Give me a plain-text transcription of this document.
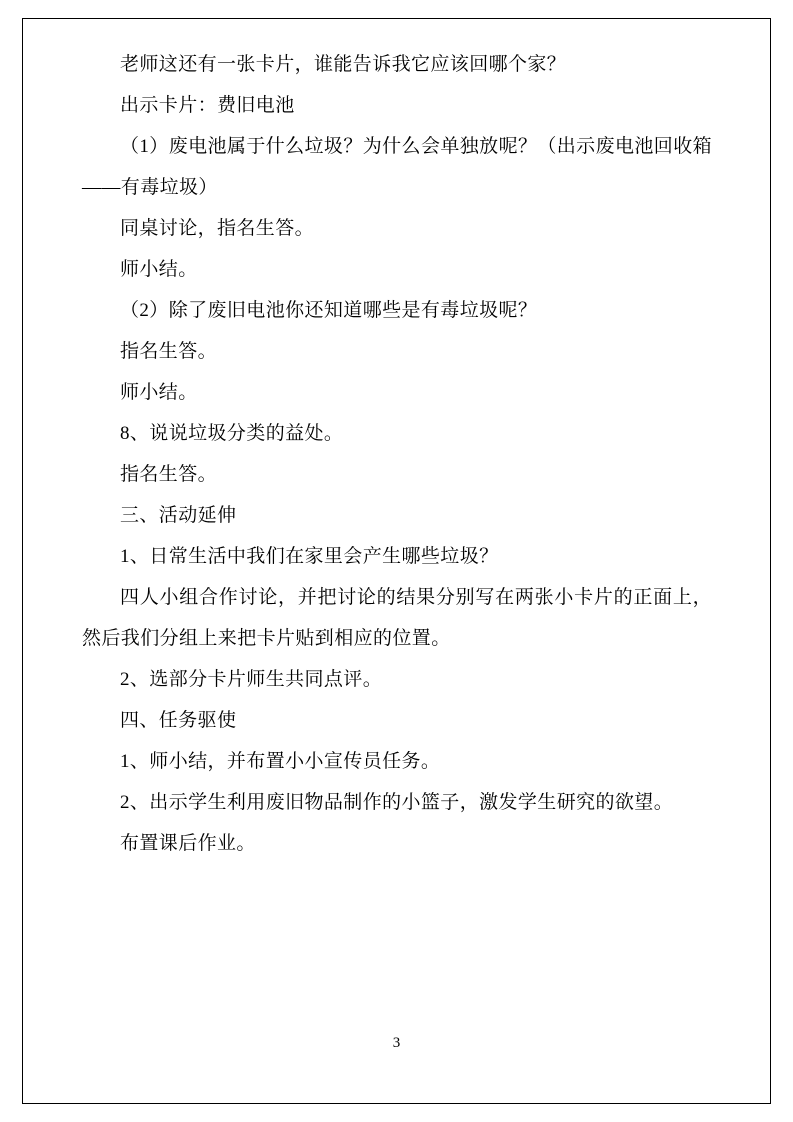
老师这还有一张卡片，谁能告诉我它应该回哪个家？

出示卡片：费旧电池

（1）废电池属于什么垃圾？为什么会单独放呢？（出示废电池回收箱——有毒垃圾）

同桌讨论，指名生答。

师小结。

（2）除了废旧电池你还知道哪些是有毒垃圾呢？

指名生答。

师小结。

8、说说垃圾分类的益处。

指名生答。

三、活动延伸

1、日常生活中我们在家里会产生哪些垃圾？

四人小组合作讨论，并把讨论的结果分别写在两张小卡片的正面上，然后我们分组上来把卡片贴到相应的位置。

2、选部分卡片师生共同点评。

四、任务驱使

1、师小结，并布置小小宣传员任务。

2、出示学生利用废旧物品制作的小篮子，激发学生研究的欲望。

布置课后作业。

3
